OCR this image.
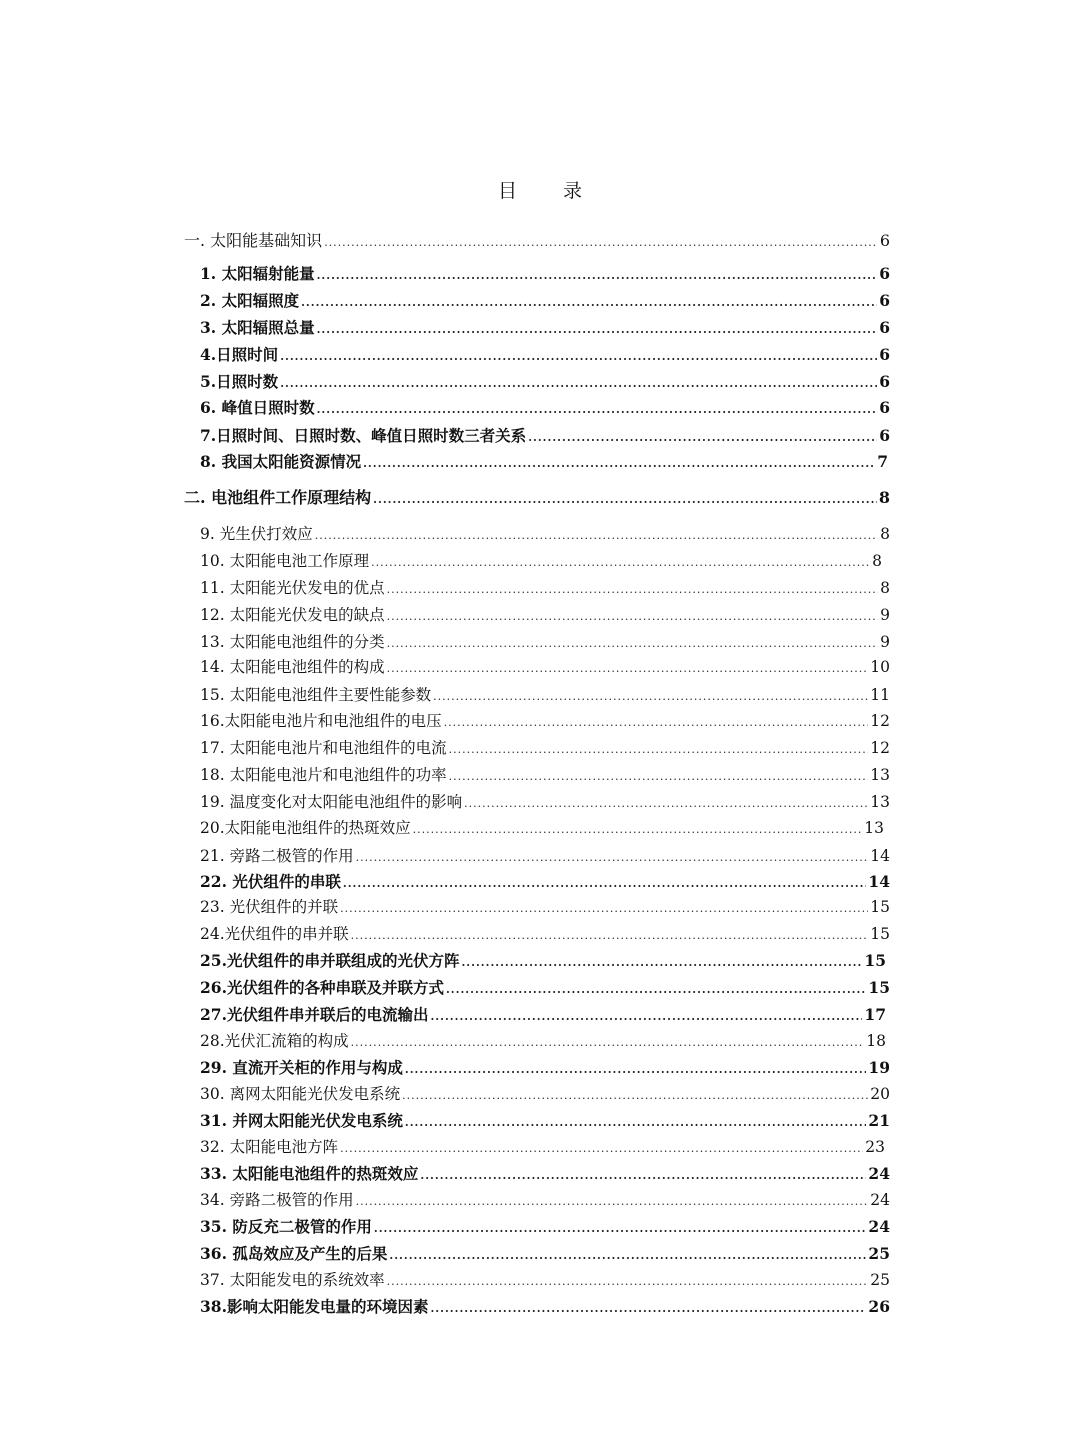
目 录
一. 太阳能基础知识 .....	6
1. 太阳辐射能量 .....	6
2. 太阳辐照度 .....	6
3. 太阳辐照总量 .....	6
4.日照时间 .....	6
5.日照时数 .....	6
6. 峰值日照时数 .....	6
7.日照时间、日照时数、峰值日照时数三者关系 .....	6
8. 我国太阳能资源情况 .....	7
二. 电池组件工作原理结构 .....	8
9. 光生伏打效应 .....	8
10. 太阳能电池工作原理 .....	8
11. 太阳能光伏发电的优点 .....	8
12. 太阳能光伏发电的缺点 .....	9
13. 太阳能电池组件的分类 .....	9
14. 太阳能电池组件的构成 .....	10
15. 太阳能电池组件主要性能参数 .....	11
16.太阳能电池片和电池组件的电压 .....	12
17. 太阳能电池片和电池组件的电流 .....	12
18. 太阳能电池片和电池组件的功率 .....	13
19. 温度变化对太阳能电池组件的影响 .....	13
20.太阳能电池组件的热斑效应 .....	13
21. 旁路二极管的作用 .....	14
22. 光伏组件的串联 .....	14
23. 光伏组件的并联 .....	15
24.光伏组件的串并联 .....	15
25.光伏组件的串并联组成的光伏方阵 .....	15
26.光伏组件的各种串联及并联方式 .....	15
27.光伏组件串并联后的电流输出 .....	17
28.光伏汇流箱的构成 .....	18
29. 直流开关柜的作用与构成 .....	19
30. 离网太阳能光伏发电系统 .....	20
31. 并网太阳能光伏发电系统 .....	21
32. 太阳能电池方阵 .....	23
33. 太阳能电池组件的热斑效应 .....	24
34. 旁路二极管的作用 .....	24
35. 防反充二极管的作用 .....	24
36. 孤岛效应及产生的后果 .....	25
37. 太阳能发电的系统效率 .....	25
38.影响太阳能发电量的环境因素 .....	26
